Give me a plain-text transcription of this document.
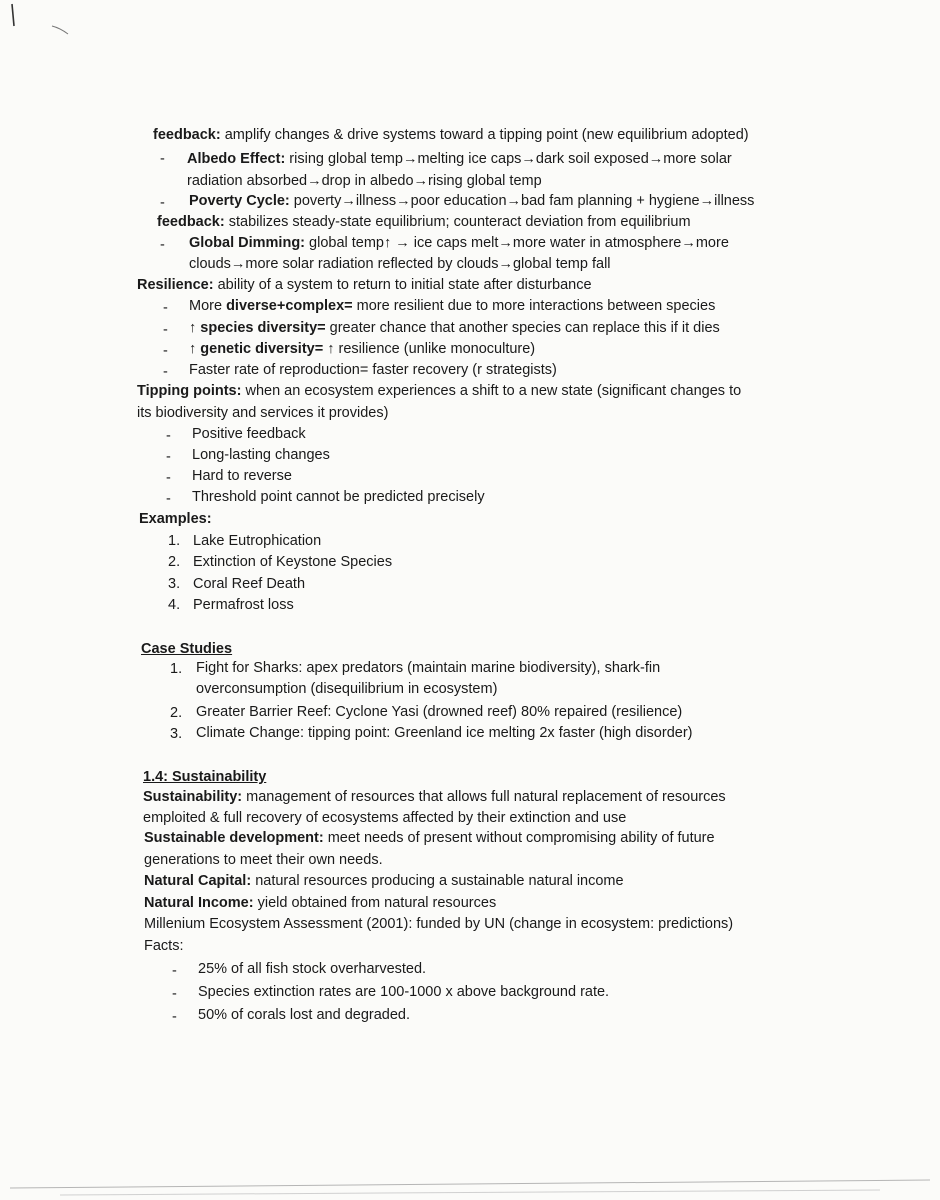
feedback: amplify changes & drive systems toward a tipping point (new equilibrium adopted)
- Albedo Effect: rising global temp→melting ice caps→dark soil exposed→more solar
radiation absorbed→drop in albedo→rising global temp
- Poverty Cycle: poverty→illness→poor education→bad fam planning + hygiene→illness
feedback: stabilizes steady-state equilibrium; counteract deviation from equilibrium
- Global Dimming: global temp↑ → ice caps melt→more water in atmosphere→more
clouds→more solar radiation reflected by clouds→global temp fall
Resilience: ability of a system to return to initial state after disturbance
- More diverse+complex= more resilient due to more interactions between species
- ↑ species diversity= greater chance that another species can replace this if it dies
- ↑ genetic diversity= ↑ resilience (unlike monoculture)
- Faster rate of reproduction= faster recovery (r strategists)
Tipping points: when an ecosystem experiences a shift to a new state (significant changes to
its biodiversity and services it provides)
- Positive feedback
- Long-lasting changes
- Hard to reverse
- Threshold point cannot be predicted precisely
Examples:
1. Lake Eutrophication
2. Extinction of Keystone Species
3. Coral Reef Death
4. Permafrost loss
Case Studies
1. Fight for Sharks: apex predators (maintain marine biodiversity), shark-fin
overconsumption (disequilibrium in ecosystem)
2. Greater Barrier Reef: Cyclone Yasi (drowned reef) 80% repaired (resilience)
3. Climate Change: tipping point: Greenland ice melting 2x faster (high disorder)
1.4: Sustainability
Sustainability: management of resources that allows full natural replacement of resources
emploited & full recovery of ecosystems affected by their extinction and use
Sustainable development: meet needs of present without compromising ability of future
generations to meet their own needs.
Natural Capital: natural resources producing a sustainable natural income
Natural Income: yield obtained from natural resources
Millenium Ecosystem Assessment (2001): funded by UN (change in ecosystem: predictions)
Facts:
- 25% of all fish stock overharvested.
- Species extinction rates are 100-1000 x above background rate.
- 50% of corals lost and degraded.
